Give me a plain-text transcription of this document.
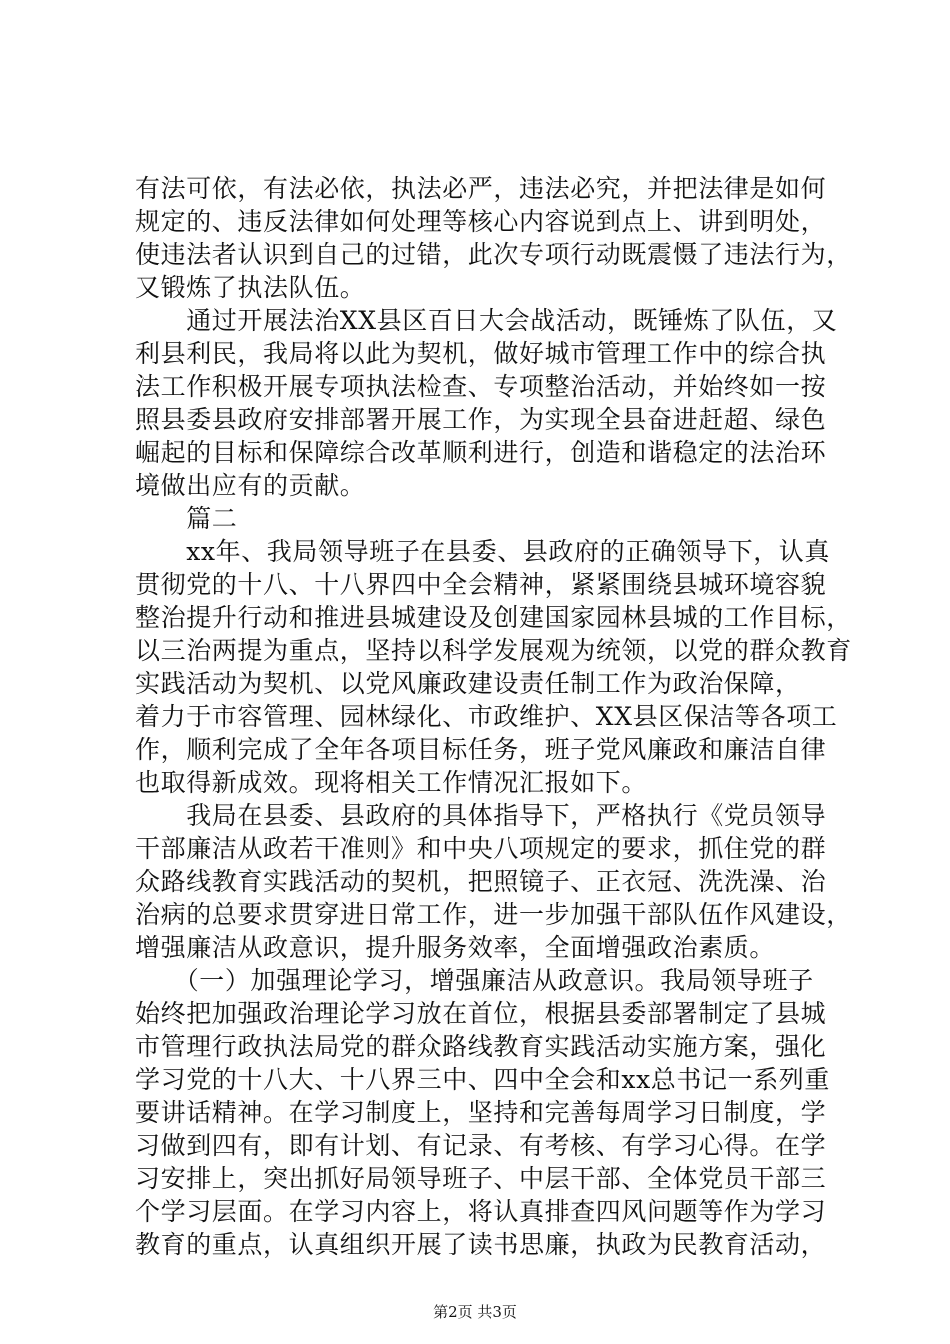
有法可依，有法必依，执法必严，违法必究，并把法律是如何
规定的、违反法律如何处理等核心内容说到点上、讲到明处，
使违法者认识到自己的过错，此次专项行动既震慑了违法行为，
又锻炼了执法队伍。
　　通过开展法治XX县区百日大会战活动，既锤炼了队伍，又
利县利民，我局将以此为契机，做好城市管理工作中的综合执
法工作积极开展专项执法检查、专项整治活动，并始终如一按
照县委县政府安排部署开展工作，为实现全县奋进赶超、绿色
崛起的目标和保障综合改革顺利进行，创造和谐稳定的法治环
境做出应有的贡献。
　　篇二
　　xx年、我局领导班子在县委、县政府的正确领导下，认真
贯彻党的十八、十八界四中全会精神，紧紧围绕县城环境容貌
整治提升行动和推进县城建设及创建国家园林县城的工作目标，
以三治两提为重点，坚持以科学发展观为统领，以党的群众教育
实践活动为契机、以党风廉政建设责任制工作为政治保障，
着力于市容管理、园林绿化、市政维护、XX县区保洁等各项工
作，顺利完成了全年各项目标任务，班子党风廉政和廉洁自律
也取得新成效。现将相关工作情况汇报如下。
　　我局在县委、县政府的具体指导下，严格执行《党员领导
干部廉洁从政若干准则》和中央八项规定的要求，抓住党的群
众路线教育实践活动的契机，把照镜子、正衣冠、洗洗澡、治
治病的总要求贯穿进日常工作，进一步加强干部队伍作风建设，
增强廉洁从政意识，提升服务效率，全面增强政治素质。
　　（一）加强理论学习，增强廉洁从政意识。我局领导班子
始终把加强政治理论学习放在首位，根据县委部署制定了县城
市管理行政执法局党的群众路线教育实践活动实施方案，强化
学习党的十八大、十八界三中、四中全会和xx总书记一系列重
要讲话精神。在学习制度上，坚持和完善每周学习日制度，学
习做到四有，即有计划、有记录、有考核、有学习心得。在学
习安排上，突出抓好局领导班子、中层干部、全体党员干部三
个学习层面。在学习内容上，将认真排查四风问题等作为学习
教育的重点，认真组织开展了读书思廉，执政为民教育活动，
第2页 共3页
